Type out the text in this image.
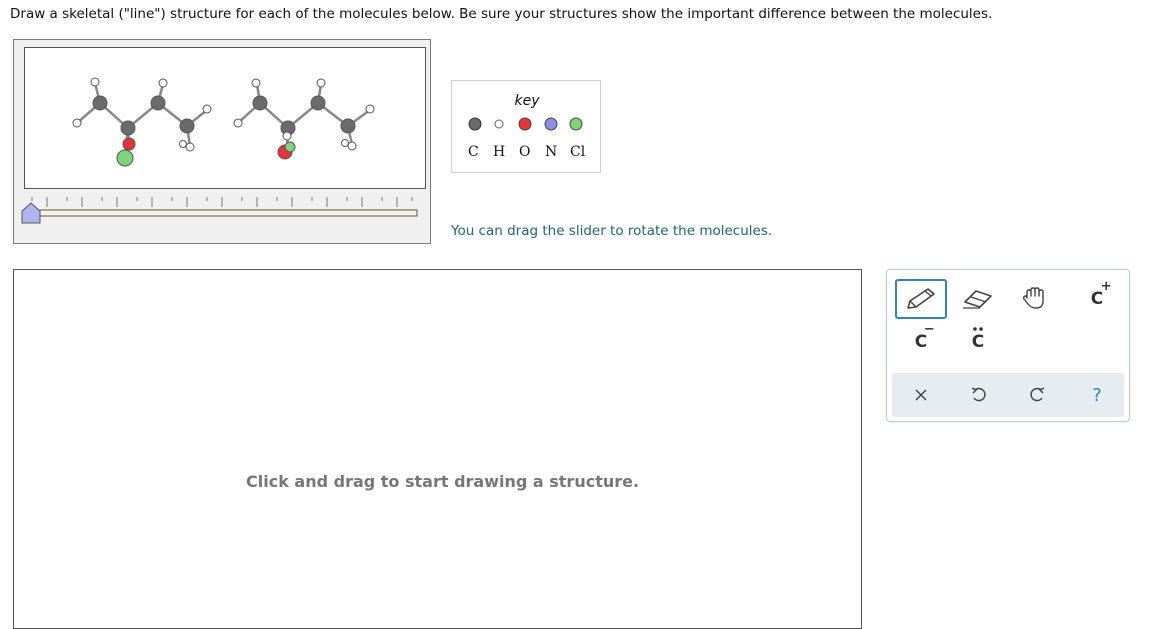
Draw a skeletal ("line") structure for each of the molecules below. Be sure your structures show the important difference between the molecules.
key
C H O N Cl
You can drag the slider to rotate the molecules.
Click and drag to start drawing a structure.
C
+
C
−
C
?
